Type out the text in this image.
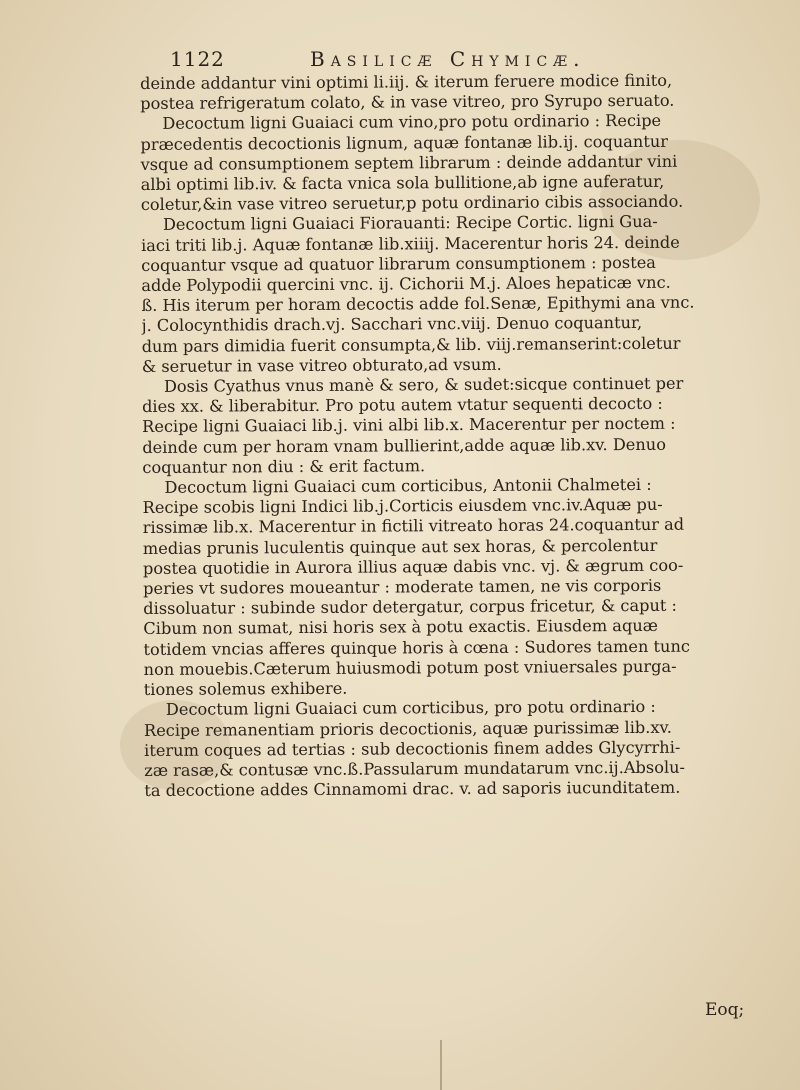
1122	Basilicæ Chymicæ.
deinde addantur vini optimi li.iij. & iterum feruere modice finito,
postea refrigeratum colato, & in vase vitreo, pro Syrupo seruato.
Decoctum ligni Guaiaci cum vino,pro potu ordinario : Recipe
præcedentis decoctionis lignum, aquæ fontanæ lib.ij. coquantur
vsque ad consumptionem septem librarum : deinde addantur vini
albi optimi lib.iv. & facta vnica sola bullitione,ab igne auferatur,
coletur,&in vase vitreo seruetur,p potu ordinario cibis associando.
Decoctum ligni Guaiaci Fiorauanti: Recipe Cortic. ligni Gua-
iaci triti lib.j. Aquæ fontanæ lib.xiiij. Macerentur horis 24. deinde
coquantur vsque ad quatuor librarum consumptionem : postea
adde Polypodii quercini vnc. ij. Cichorii M.j. Aloes hepaticæ vnc.
ß. His iterum per horam decoctis adde fol.Senæ, Epithymi ana vnc.
j. Colocynthidis drach.vj. Sacchari vnc.viij. Denuo coquantur,
dum pars dimidia fuerit consumpta,& lib. viij.remanserint:coletur
& seruetur in vase vitreo obturato,ad vsum.
Dosis Cyathus vnus manè & sero, & sudet:sicque continuet per
dies xx. & liberabitur. Pro potu autem vtatur sequenti decocto :
Recipe ligni Guaiaci lib.j. vini albi lib.x. Macerentur per noctem :
deinde cum per horam vnam bullierint,adde aquæ lib.xv. Denuo
coquantur non diu : & erit factum.
Decoctum ligni Guaiaci cum corticibus, Antonii Chalmetei :
Recipe scobis ligni Indici lib.j.Corticis eiusdem vnc.iv.Aquæ pu-
rissimæ lib.x. Macerentur in fictili vitreato horas 24.coquantur ad
medias prunis luculentis quinque aut sex horas, & percolentur
postea quotidie in Aurora illius aquæ dabis vnc. vj. & ægrum coo-
peries vt sudores moueantur : moderate tamen, ne vis corporis
dissoluatur : subinde sudor detergatur, corpus fricetur, & caput :
Cibum non sumat, nisi horis sex à potu exactis. Eiusdem aquæ
totidem vncias afferes quinque horis à cœna : Sudores tamen tunc
non mouebis.Cæterum huiusmodi potum post vniuersales purga-
tiones solemus exhibere.
Decoctum ligni Guaiaci cum corticibus, pro potu ordinario :
Recipe remanentiam prioris decoctionis, aquæ purissimæ lib.xv.
iterum coques ad tertias : sub decoctionis finem addes Glycyrrhi-
zæ rasæ,& contusæ vnc.ß.Passularum mundatarum vnc.ij.Absolu-
ta decoctione addes Cinnamomi drac. v. ad saporis iucunditatem.
Eoq;
